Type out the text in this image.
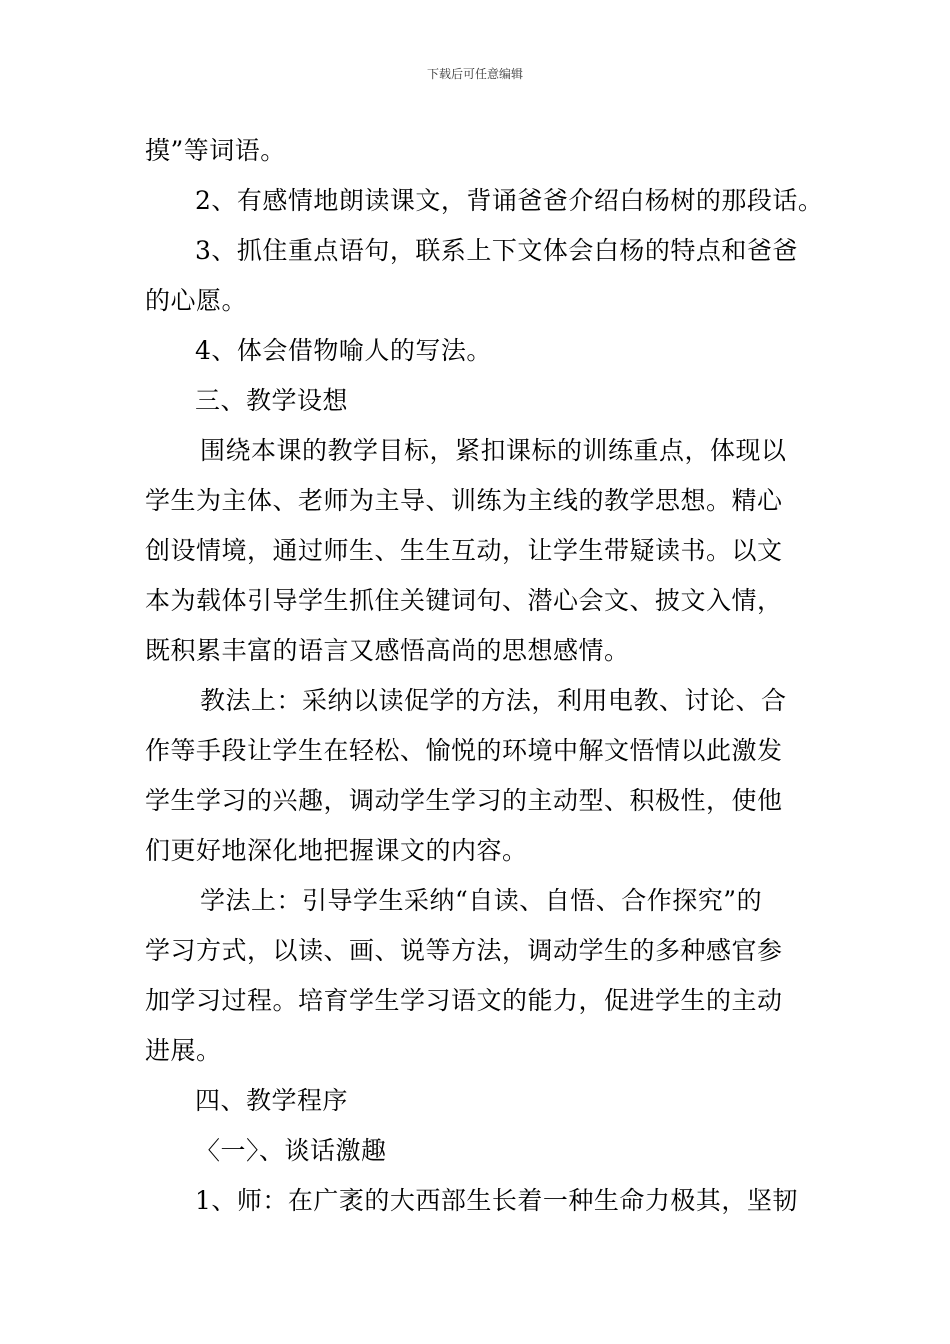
下载后可任意编辑
摸”等词语。
2、有感情地朗读课文，背诵爸爸介绍白杨树的那段话。
3、抓住重点语句，联系上下文体会白杨的特点和爸爸
的心愿。
4、体会借物喻人的写法。
三、教学设想
围绕本课的教学目标，紧扣课标的训练重点，体现以
学生为主体、老师为主导、训练为主线的教学思想。精心
创设情境，通过师生、生生互动，让学生带疑读书。以文
本为载体引导学生抓住关键词句、潜心会文、披文入情，
既积累丰富的语言又感悟高尚的思想感情。
教法上：采纳以读促学的方法，利用电教、讨论、合
作等手段让学生在轻松、愉悦的环境中解文悟情以此激发
学生学习的兴趣，调动学生学习的主动型、积极性，使他
们更好地深化地把握课文的内容。
学法上：引导学生采纳“自读、自悟、合作探究”的
学习方式，以读、画、说等方法，调动学生的多种感官参
加学习过程。培育学生学习语文的能力，促进学生的主动
进展。
四、教学程序
〈一〉、谈话激趣
1、师：在广袤的大西部生长着一种生命力极其，坚韧
